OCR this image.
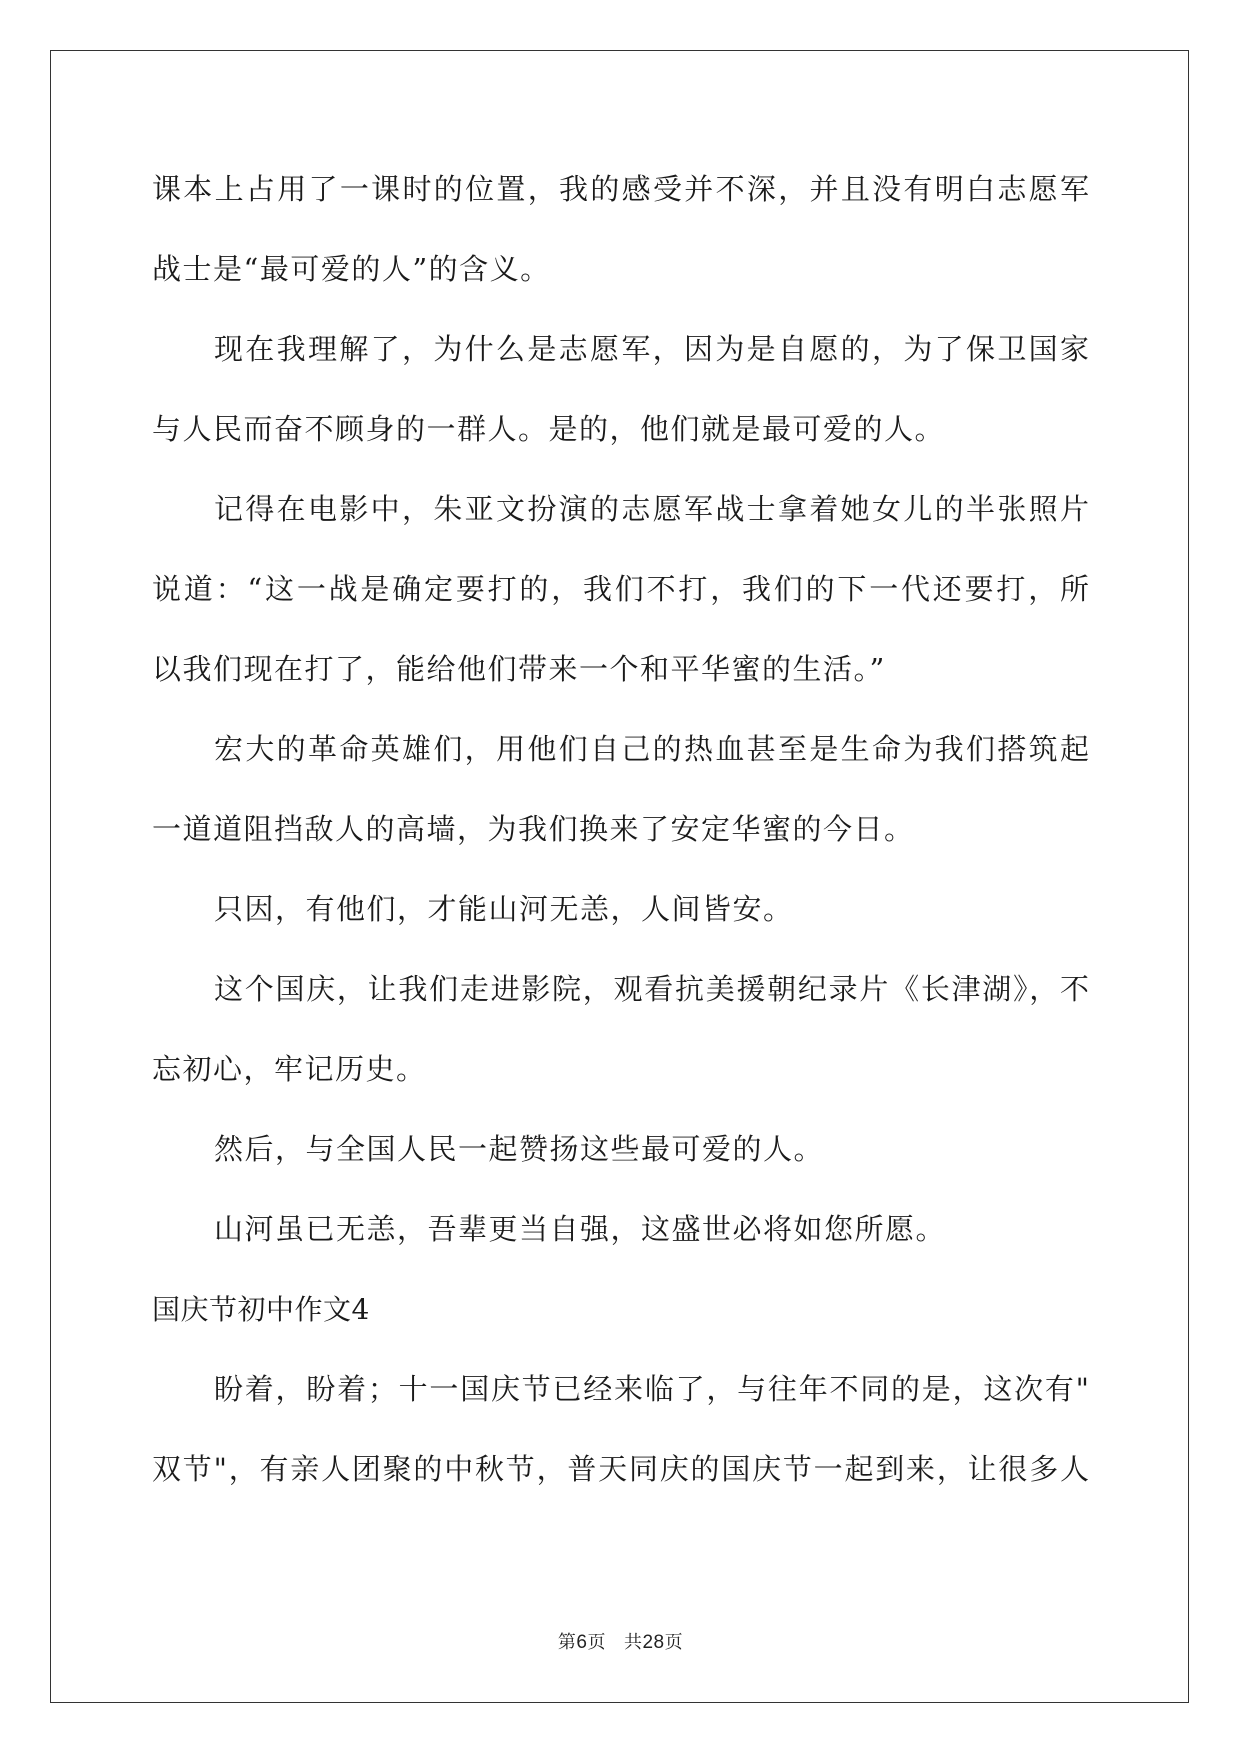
课本上占用了一课时的位置，我的感受并不深，并且没有明白志愿军
战士是“最可爱的人”的含义。
现在我理解了，为什么是志愿军，因为是自愿的，为了保卫国家
与人民而奋不顾身的一群人。是的，他们就是最可爱的人。
记得在电影中，朱亚文扮演的志愿军战士拿着她女儿的半张照片
说道：“这一战是确定要打的，我们不打，我们的下一代还要打，所
以我们现在打了，能给他们带来一个和平华蜜的生活。”
宏大的革命英雄们，用他们自己的热血甚至是生命为我们搭筑起
一道道阻挡敌人的高墙，为我们换来了安定华蜜的今日。
只因，有他们，才能山河无恙，人间皆安。
这个国庆，让我们走进影院，观看抗美援朝纪录片《长津湖》，不
忘初心，牢记历史。
然后，与全国人民一起赞扬这些最可爱的人。
山河虽已无恙，吾辈更当自强，这盛世必将如您所愿。
国庆节初中作文4
盼着，盼着；十一国庆节已经来临了，与往年不同的是，这次有"
双节"，有亲人团聚的中秋节，普天同庆的国庆节一起到来，让很多人
第6页 共28页
